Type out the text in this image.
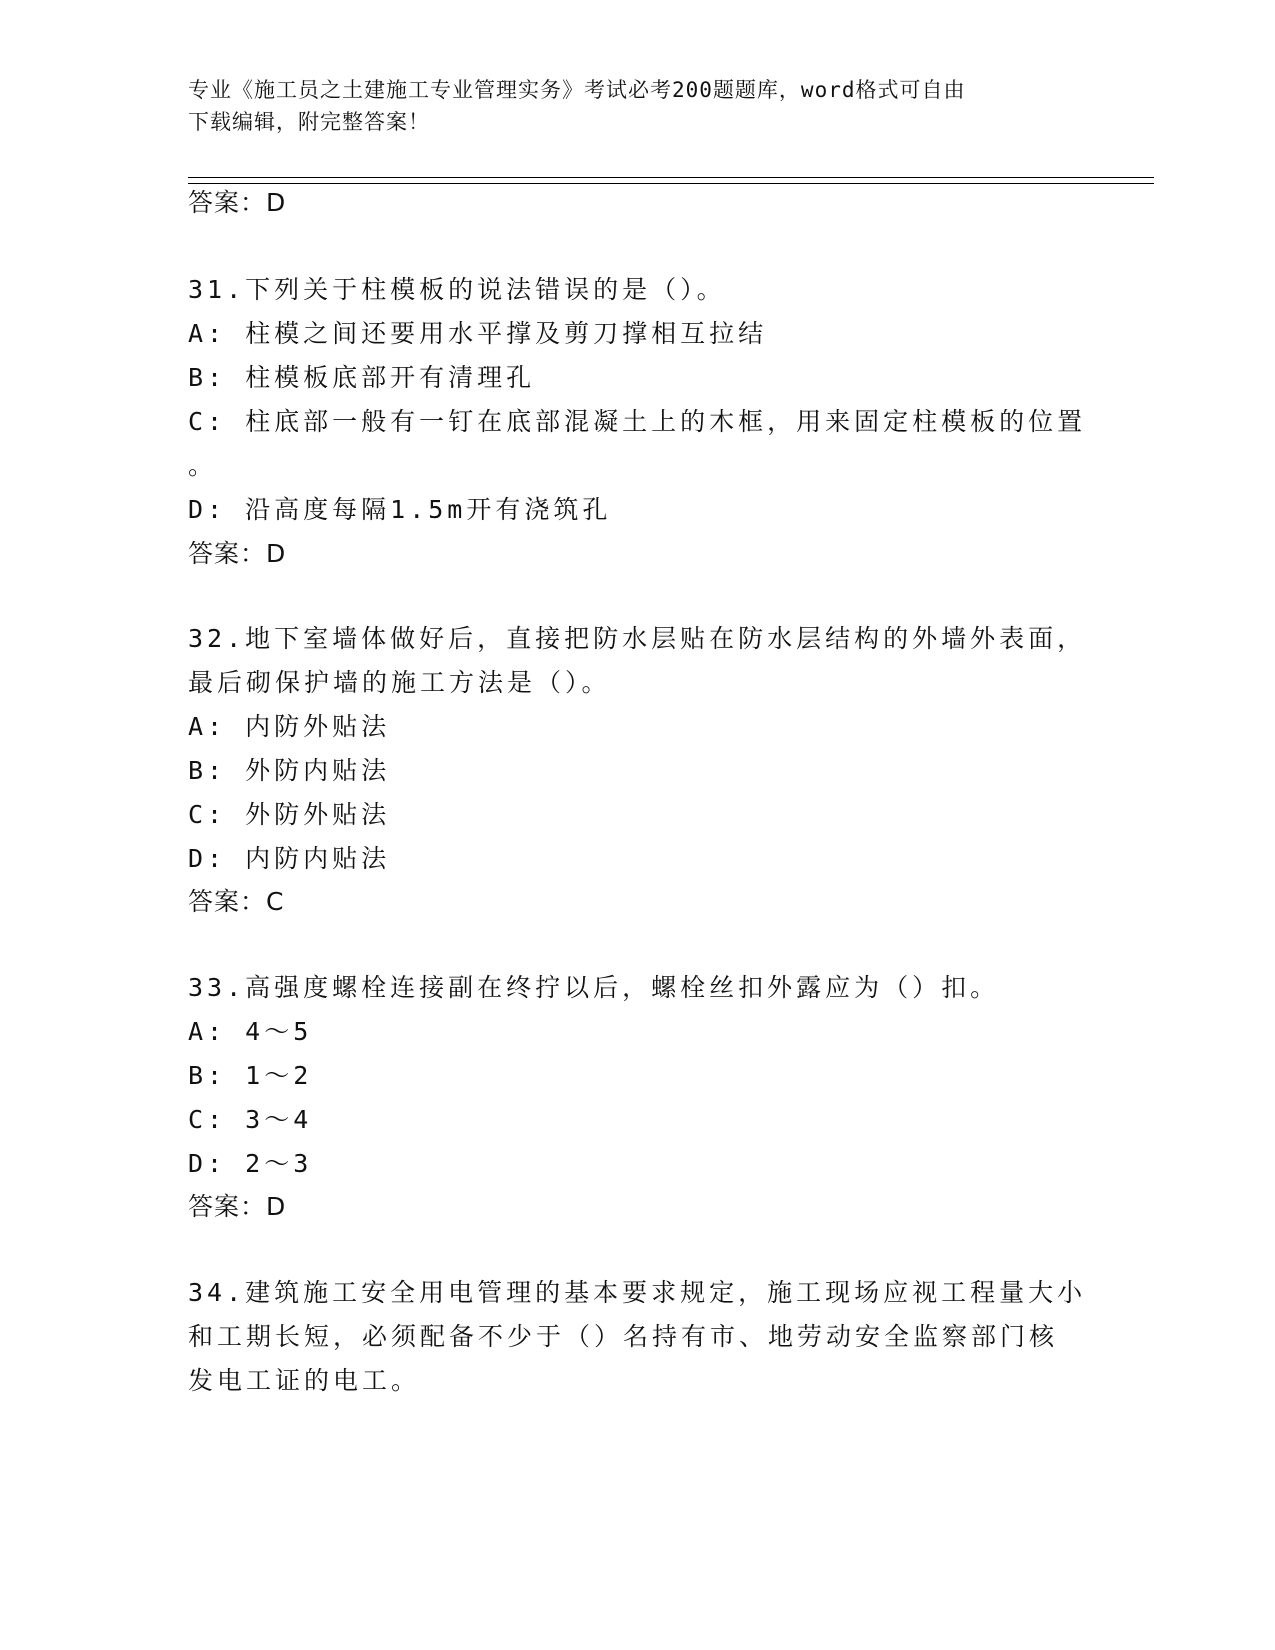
专业《施工员之土建施工专业管理实务》考试必考200题题库，word格式可自由
下载编辑，附完整答案！
答案：D
31.下列关于柱模板的说法错误的是（）。
A: 柱模之间还要用水平撑及剪刀撑相互拉结
B: 柱模板底部开有清理孔
C: 柱底部一般有一钉在底部混凝土上的木框，用来固定柱模板的位置
。
D: 沿高度每隔1.5m开有浇筑孔
答案：D
32.地下室墙体做好后，直接把防水层贴在防水层结构的外墙外表面，
最后砌保护墙的施工方法是（）。
A: 内防外贴法
B: 外防内贴法
C: 外防外贴法
D: 内防内贴法
答案：C
33.高强度螺栓连接副在终拧以后，螺栓丝扣外露应为（）扣。
A: 4～5
B: 1～2
C: 3～4
D: 2～3
答案：D
34.建筑施工安全用电管理的基本要求规定，施工现场应视工程量大小
和工期长短，必须配备不少于（）名持有市、地劳动安全监察部门核
发电工证的电工。
